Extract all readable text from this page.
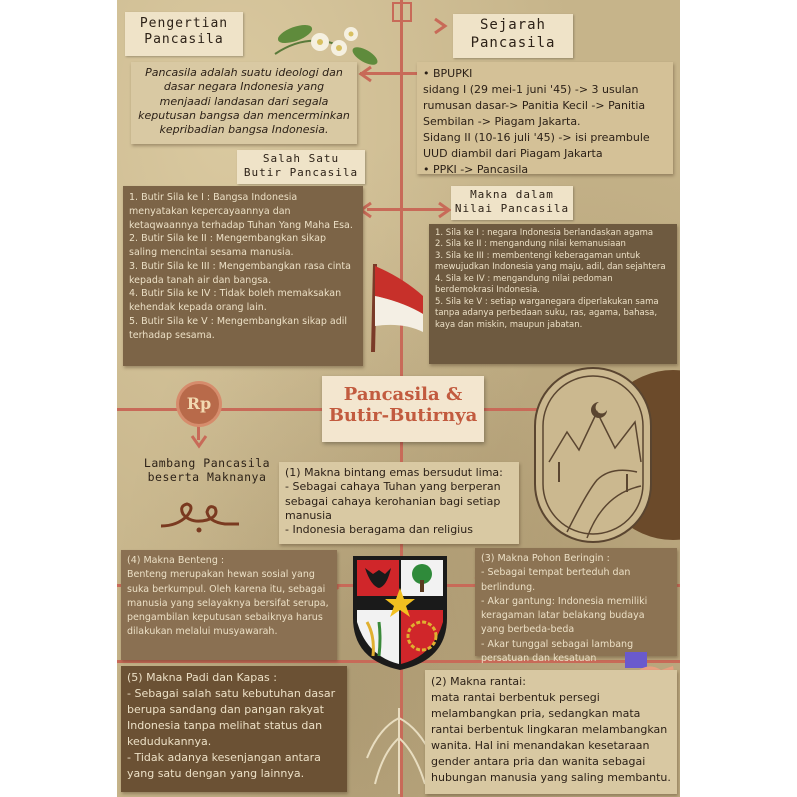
Pengertian
Pancasila

Pancasila adalah suatu ideologi dan dasar negara Indonesia yang menjaadi landasan dari segala keputusan bangsa dan mencerminkan kepribadian bangsa Indonesia.

Sejarah
Pancasila

• BPUPKI
sidang I (29 mei-1 juni '45) -> 3 usulan rumusan dasar-> Panitia Kecil -> Panitia Sembilan -> Piagam Jakarta.
Sidang II (10-16 juli '45) -> isi preambule UUD diambil dari Piagam Jakarta
• PPKI -> Pancasila

Salah Satu
Butir Pancasila

1. Butir Sila ke I : Bangsa Indonesia menyatakan kepercayaannya dan ketaqwaannya terhadap Tuhan Yang Maha Esa.
2. Butir Sila ke II : Mengembangkan sikap saling mencintai sesama manusia.
3. Butir Sila ke III : Mengembangkan rasa cinta kepada tanah air dan bangsa.
4. Butir Sila ke IV : Tidak boleh memaksakan kehendak kepada orang lain.
5. Butir Sila ke V : Mengembangkan sikap adil terhadap sesama.

Makna dalam
Nilai Pancasila

1. Sila ke I : negara Indonesia berlandaskan agama
2. Sila ke II : mengandung nilai kemanusiaan
3. Sila ke III : membentengi keberagaman untuk mewujudkan Indonesia yang maju, adil, dan sejahtera
4. Sila ke IV : mengandung nilai pedoman berdemokrasi Indonesia.
5. Sila ke V : setiap warganegara diperlakukan sama tanpa adanya perbedaan suku, ras, agama, bahasa, kaya dan miskin, maupun jabatan.

Rp	Pancasila &
Butir-Butirnya

Lambang Pancasila
beserta Maknanya	(1) Makna bintang emas bersudut lima:
- Sebagai cahaya Tuhan yang berperan sebagai cahaya kerohanian bagi setiap manusia
- Indonesia beragama dan religius

(4) Makna Benteng :
Benteng merupakan hewan sosial yang suka berkumpul. Oleh karena itu, sebagai manusia yang selayaknya bersifat serupa, pengambilan keputusan sebaiknya harus dilakukan melalui musyawarah.

(3) Makna Pohon Beringin :
- Sebagai tempat berteduh dan berlindung.
- Akar gantung: Indonesia memiliki keragaman latar belakang budaya yang berbeda-beda
- Akar tunggal sebagai lambang persatuan dan kesatuan

(5) Makna Padi dan Kapas :
- Sebagai salah satu kebutuhan dasar berupa sandang dan pangan rakyat Indonesia tanpa melihat status dan kedudukannya.
- Tidak adanya kesenjangan antara yang satu dengan yang lainnya.

(2) Makna rantai:
mata rantai berbentuk persegi melambangkan pria, sedangkan mata rantai berbentuk lingkaran melambangkan wanita. Hal ini menandakan kesetaraan gender antara pria dan wanita sebagai hubungan manusia yang saling membantu.
